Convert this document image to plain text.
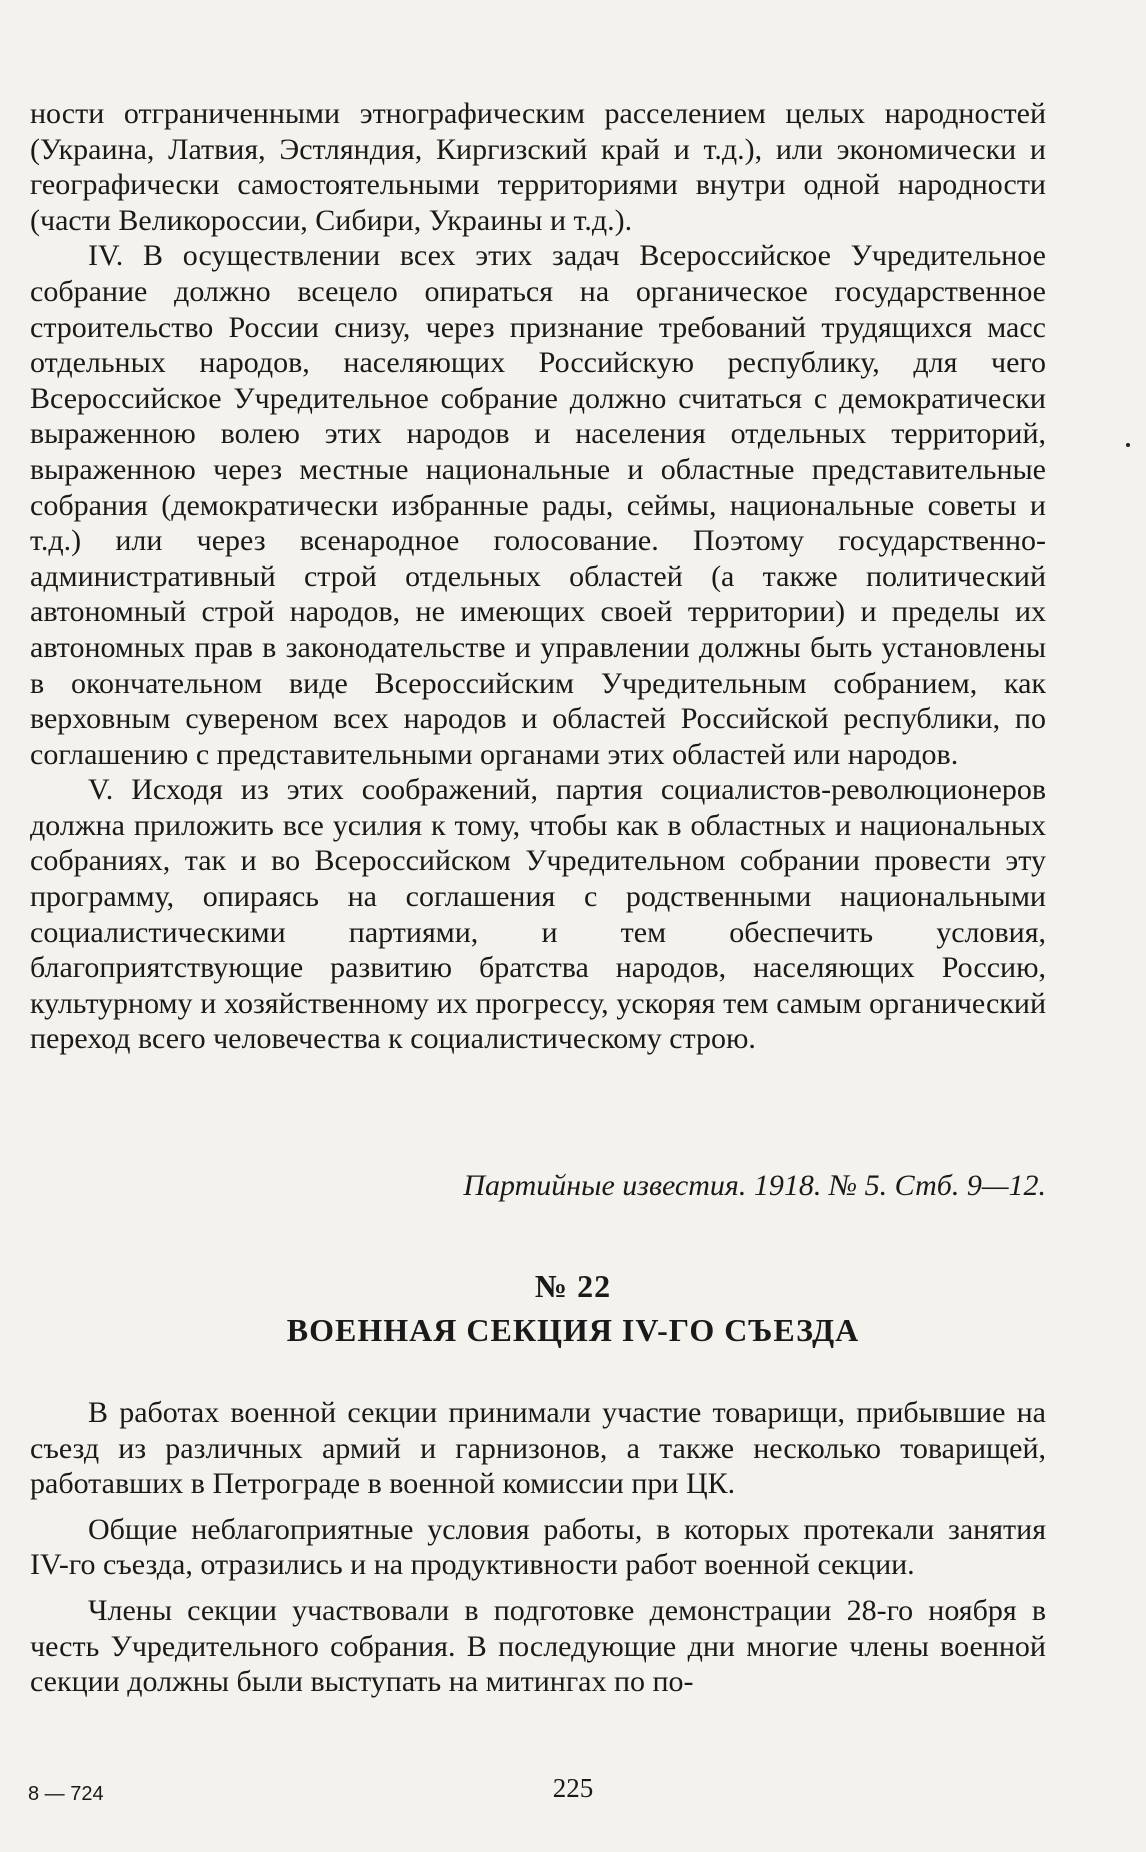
ности отграниченными этнографическим расселением целых народностей (Украина, Латвия, Эстляндия, Киргизский край и т.д.), или экономически и географически самостоятельными территориями внутри одной народности (части Великороссии, Сибири, Украины и т.д.).

IV. В осуществлении всех этих задач Всероссийское Учредительное собрание должно всецело опираться на органическое государственное строительство России снизу, через признание требований трудящихся масс отдельных народов, населяющих Российскую республику, для чего Всероссийское Учредительное собрание должно считаться с демократически выраженною волею этих народов и населения отдельных территорий, выраженною через местные национальные и областные представительные собрания (демократически избранные рады, сеймы, национальные советы и т.д.) или через всенародное голосование. Поэтому государственно-административный строй отдельных областей (а также политический автономный строй народов, не имеющих своей территории) и пределы их автономных прав в законодательстве и управлении должны быть установлены в окончательном виде Всероссийским Учредительным собранием, как верховным сувереном всех народов и областей Российской республики, по соглашению с представительными органами этих областей или народов.

V. Исходя из этих соображений, партия социалистов-революционеров должна приложить все усилия к тому, чтобы как в областных и национальных собраниях, так и во Всероссийском Учредительном собрании провести эту программу, опираясь на соглашения с родственными национальными социалистическими партиями, и тем обеспечить условия, благоприятствующие развитию братства народов, населяющих Россию, культурному и хозяйственному их прогрессу, ускоряя тем самым органический переход всего человечества к социалистическому строю.

Партийные известия. 1918. № 5. Стб. 9—12.
№ 22
ВОЕННАЯ СЕКЦИЯ IV-ГО СЪЕЗДА

В работах военной секции принимали участие товарищи, прибывшие на съезд из различных армий и гарнизонов, а также несколько товарищей, работавших в Петрограде в военной комиссии при ЦК.

Общие неблагоприятные условия работы, в которых протекали занятия IV-го съезда, отразились и на продуктивности работ военной секции.

Члены секции участвовали в подготовке демонстрации 28-го ноября в честь Учредительного собрания. В последующие дни многие члены военной секции должны были выступать на митингах по по-

225
8 — 724
